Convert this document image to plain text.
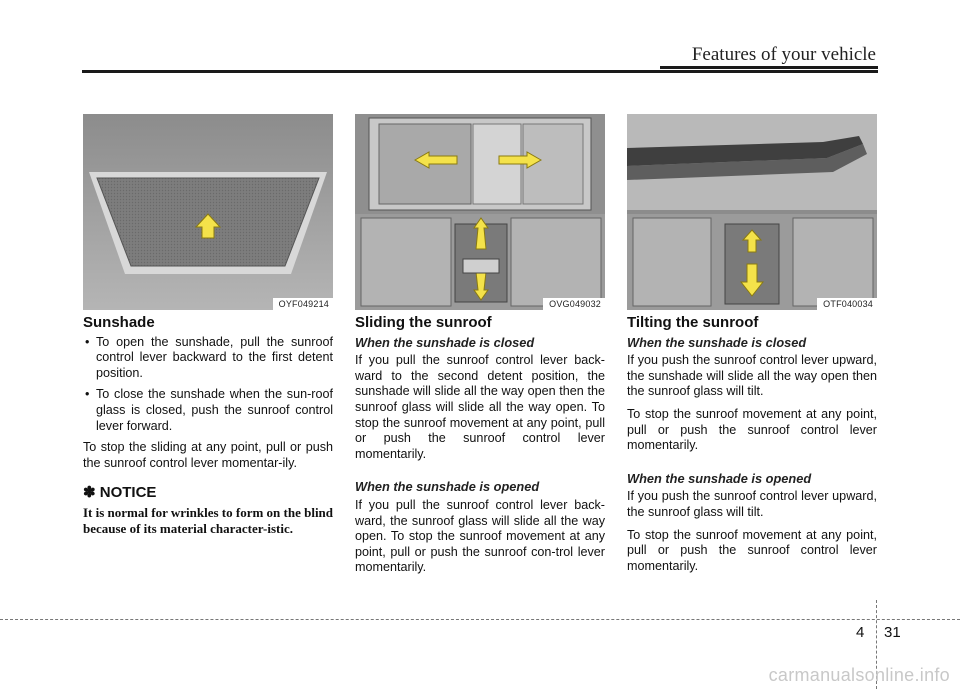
Features of your vehicle
OYF049214	OVG049032	OTF040034
Sunshade
• To open the sunshade, pull the sunroof control lever backward to the first detent position.
• To close the sunshade when the sun-roof glass is closed, push the sunroof control lever forward.

To stop the sliding at any point, pull or push the sunroof control lever momentar-ily.

✽ NOTICE
It is normal for wrinkles to form on the blind because of its material character-istic.
Sliding the sunroof
When the sunshade is closed

If you pull the sunroof control lever back-ward to the second detent position, the sunshade will slide all the way open then the sunroof glass will slide all the way open. To stop the sunroof movement at any point, pull or push the sunroof control lever momentarily.

When the sunshade is opened

If you pull the sunroof control lever back-ward, the sunroof glass will slide all the way open. To stop the sunroof movement at any point, pull or push the sunroof con-trol lever momentarily.

Tilting the sunroof
When the sunshade is closed

If you push the sunroof control lever upward, the sunshade will slide all the way open then the sunroof glass will tilt.

To stop the sunroof movement at any point, pull or push the sunroof control lever momentarily.

When the sunshade is opened

If you push the sunroof control lever upward, the sunroof glass will tilt.

To stop the sunroof movement at any point, pull or push the sunroof control lever momentarily.

4 31
carmanualsonline.info
